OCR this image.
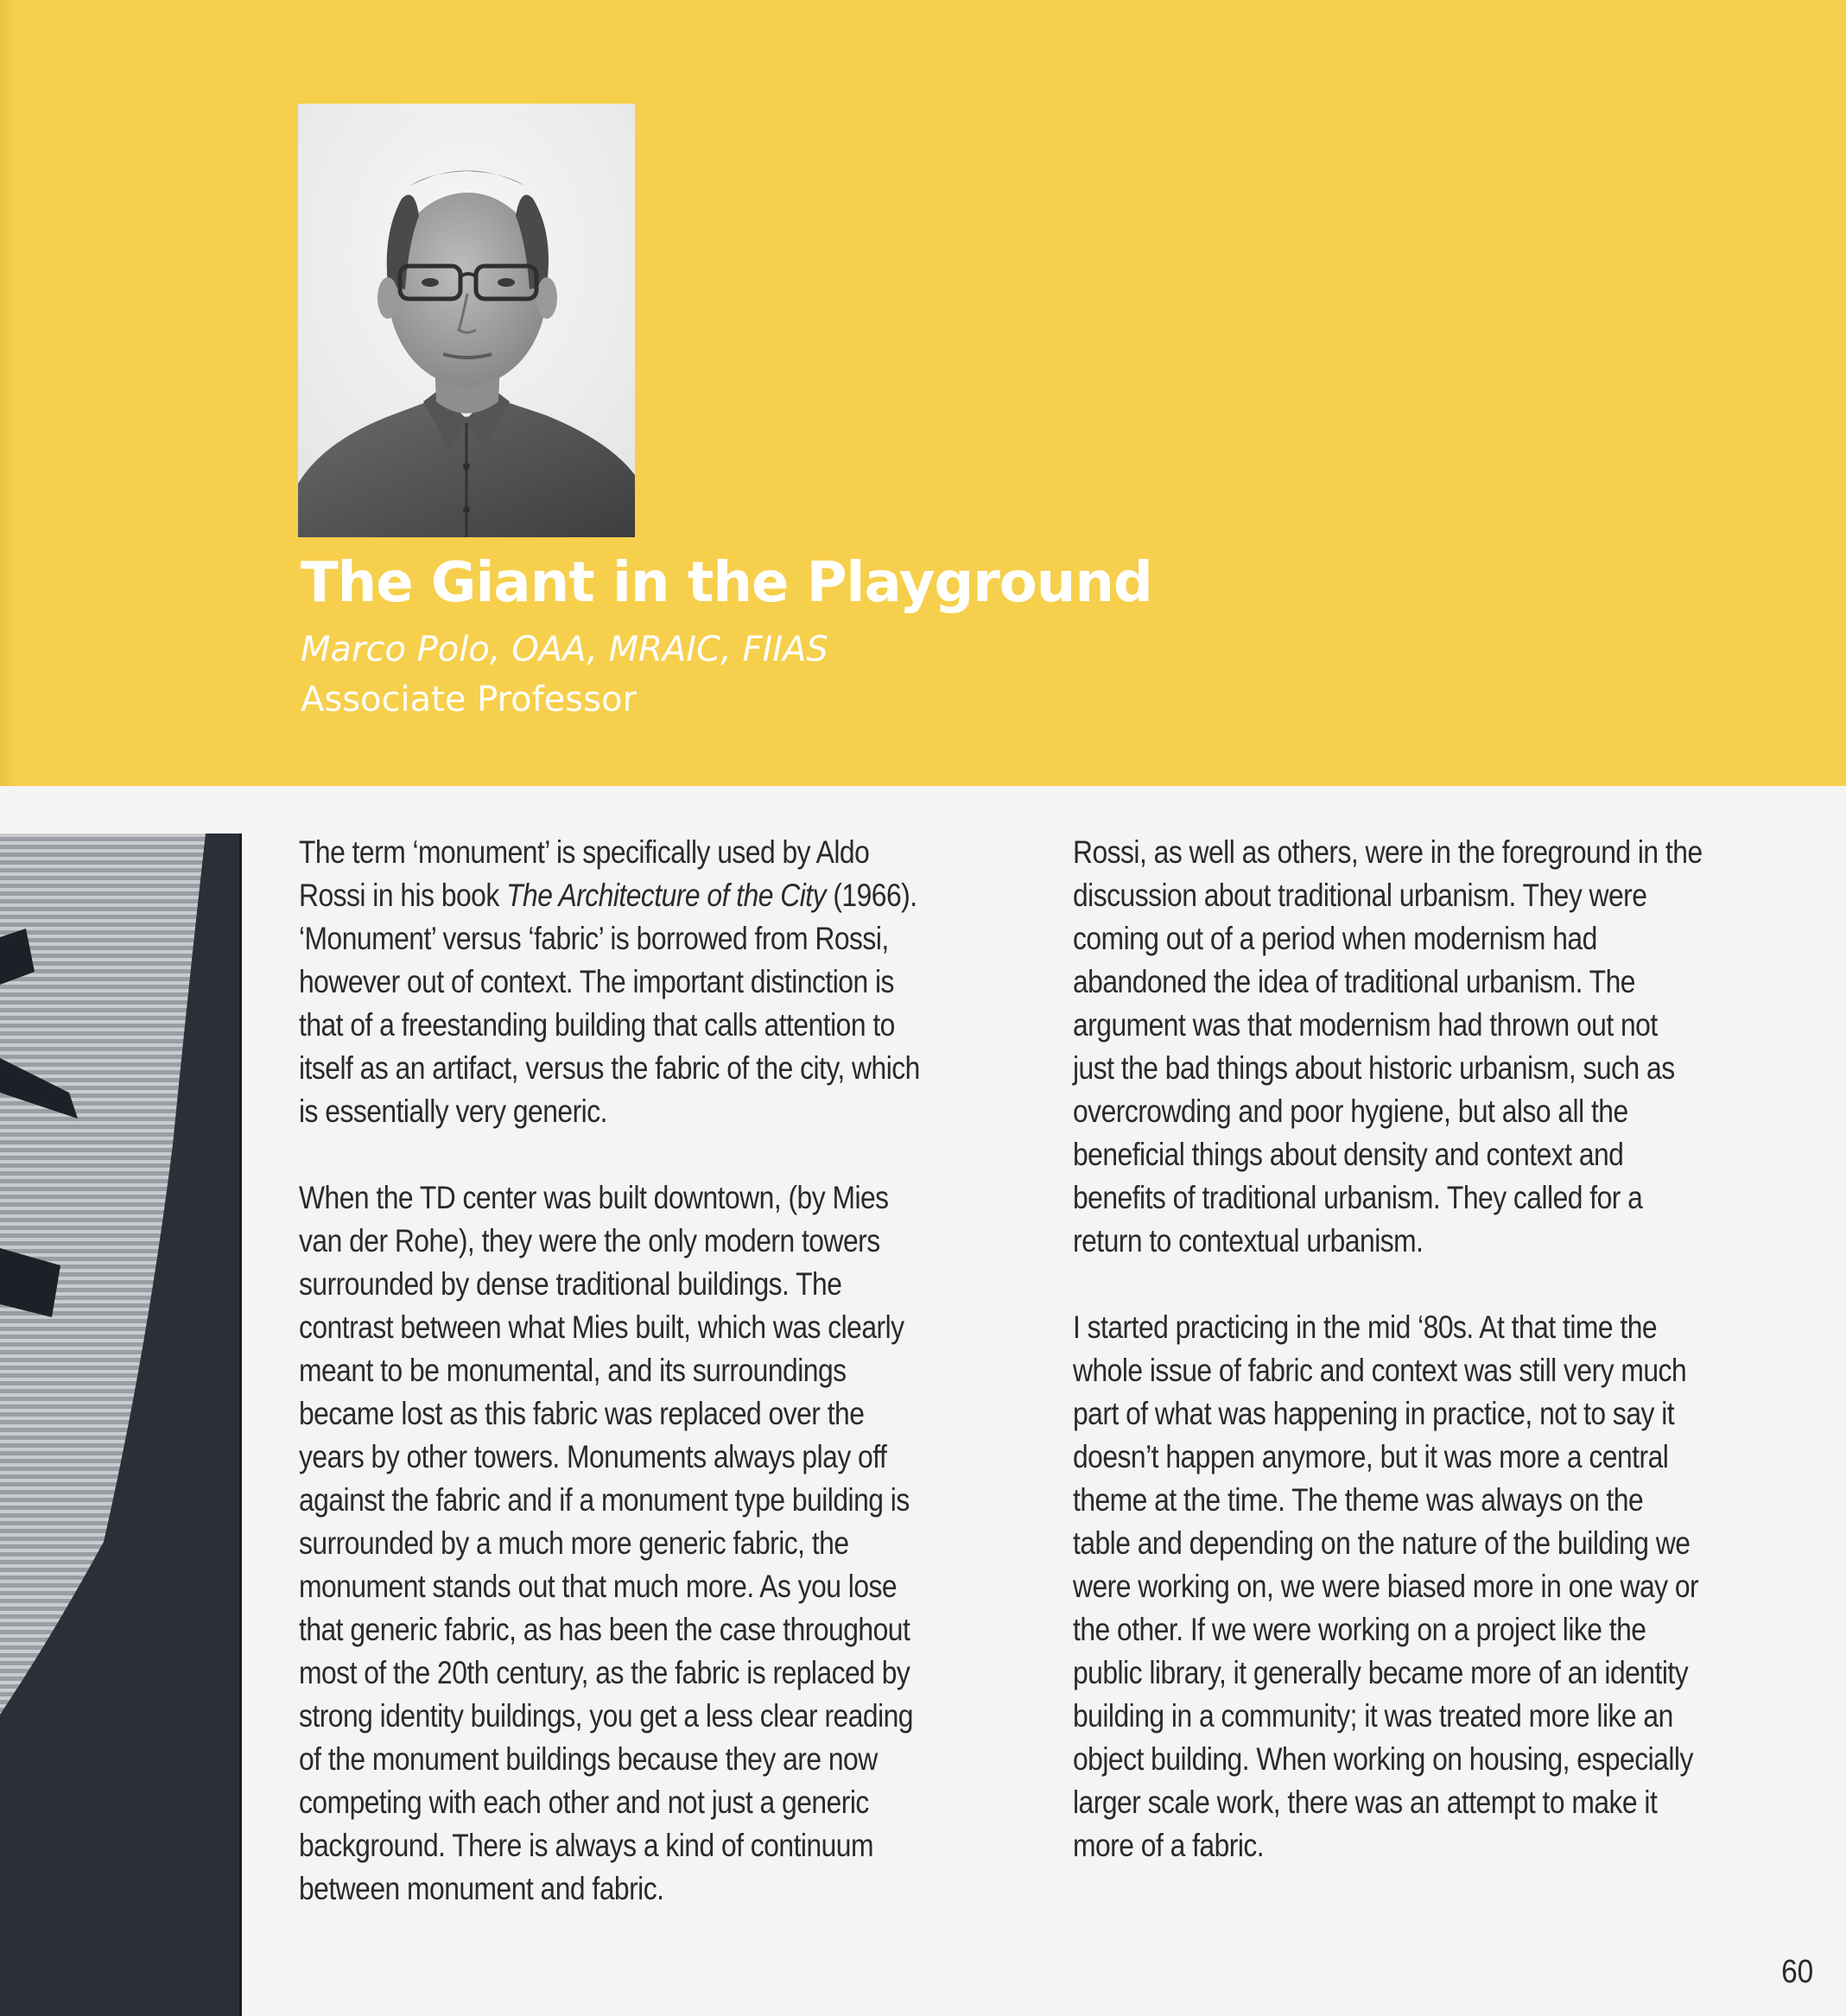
The Giant in the Playground
Marco Polo, OAA, MRAIC, FIIAS
Associate Professor

The term ‘monument’ is specifically used by Aldo Rossi in his book The Architecture of the City (1966). ‘Monument’ versus ‘fabric’ is borrowed from Rossi, however out of context. The important distinction is that of a freestanding building that calls attention to itself as an artifact, versus the fabric of the city, which is essentially very generic.

When the TD center was built downtown, (by Mies van der Rohe), they were the only modern towers surrounded by dense traditional buildings. The contrast between what Mies built, which was clearly meant to be monumental, and its surroundings became lost as this fabric was replaced over the years by other towers. Monuments always play off against the fabric and if a monument type building is surrounded by a much more generic fabric, the monument stands out that much more. As you lose that generic fabric, as has been the case throughout most of the 20th century, as the fabric is replaced by strong identity buildings, you get a less clear reading of the monument buildings because they are now competing with each other and not just a generic background. There is always a kind of continuum between monument and fabric.

Rossi, as well as others, were in the foreground in the discussion about traditional urbanism. They were coming out of a period when modernism had abandoned the idea of traditional urbanism. The argument was that modernism had thrown out not just the bad things about historic urbanism, such as overcrowding and poor hygiene, but also all the beneficial things about density and context and benefits of traditional urbanism. They called for a return to contextual urbanism.

I started practicing in the mid ‘80s. At that time the whole issue of fabric and context was still very much part of what was happening in practice, not to say it doesn’t happen anymore, but it was more a central theme at the time. The theme was always on the table and depending on the nature of the building we were working on, we were biased more in one way or the other. If we were working on a project like the public library, it generally became more of an identity building in a community; it was treated more like an object building. When working on housing, especially larger scale work, there was an attempt to make it more of a fabric.

60
